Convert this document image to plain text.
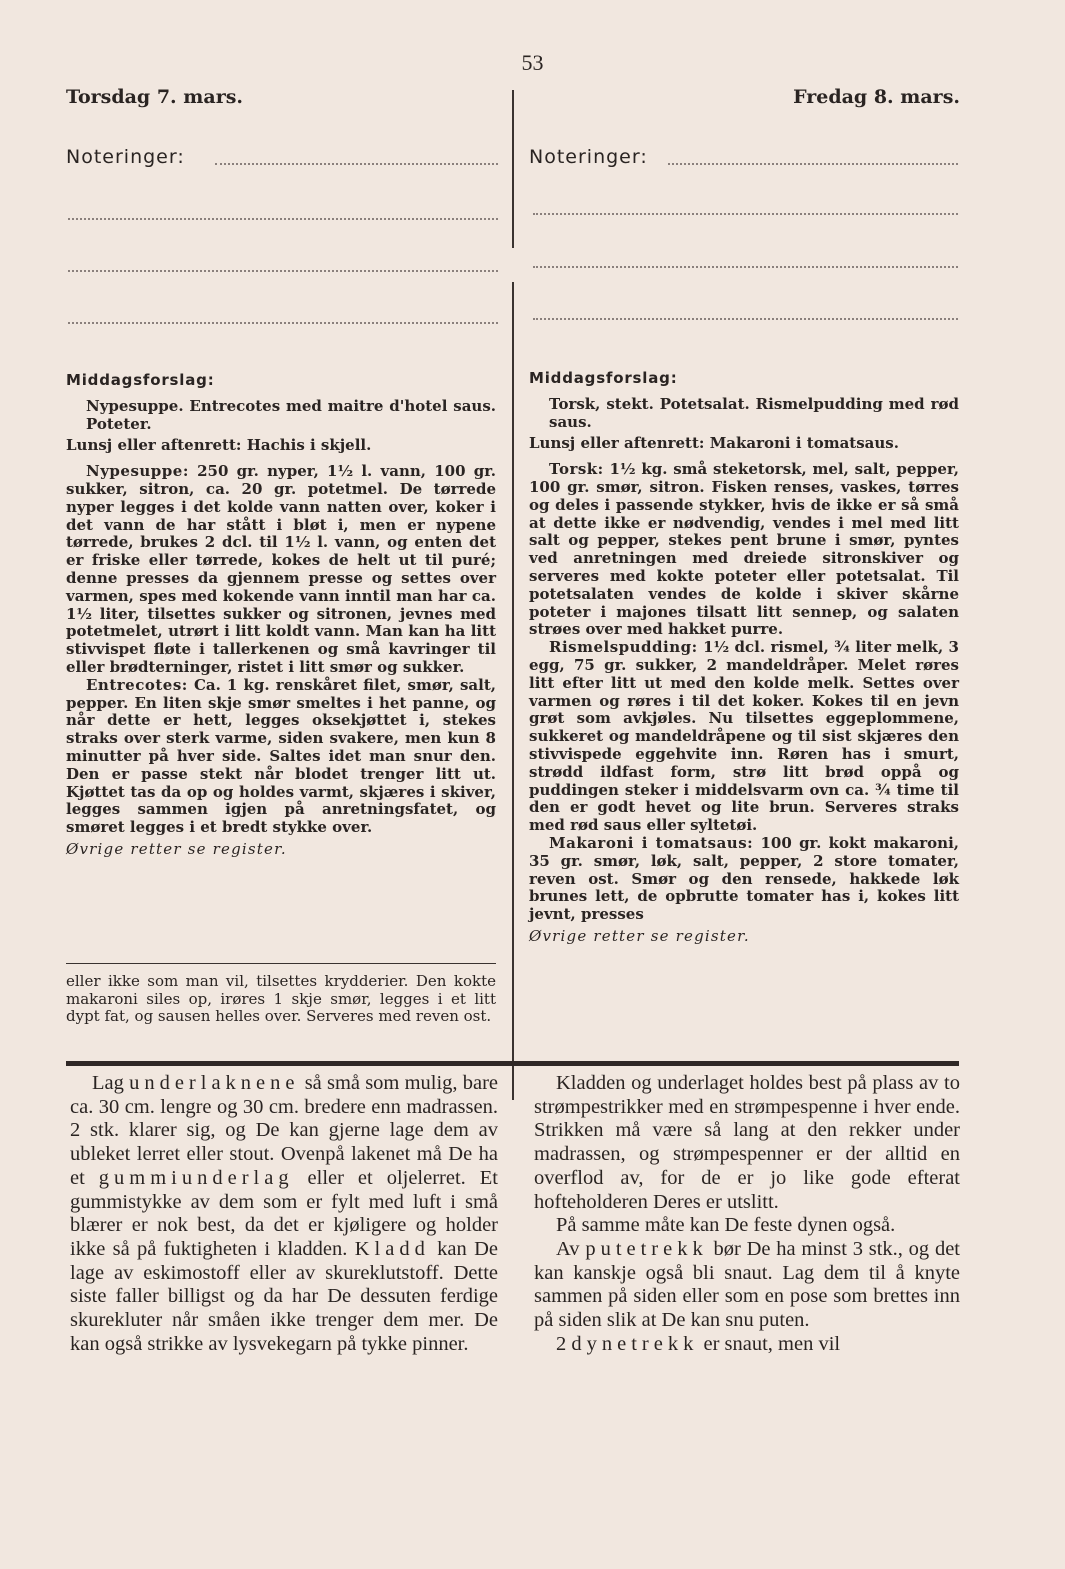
53
Torsdag 7. mars.	Fredag 8. mars.
Noteringer:	Noteringer:

Middagsforslag:

Nypesuppe. Entrecotes med maitre d'hotel saus. Poteter.

Lunsj eller aftenrett: Hachis i skjell.

Nypesuppe: 250 gr. nyper, 1½ l. vann, 100 gr. sukker, sitron, ca. 20 gr. potetmel. De tørrede nyper legges i det kolde vann natten over, koker i det vann de har stått i bløt i, men er nypene tørrede, brukes 2 dcl. til 1½ l. vann, og enten det er friske eller tørrede, kokes de helt ut til puré; denne presses da gjennem presse og settes over varmen, spes med kokende vann inntil man har ca. 1½ liter, tilsettes sukker og sitronen, jevnes med potetmelet, utrørt i litt koldt vann. Man kan ha litt stivvispet fløte i tallerkenen og små kavringer til eller brødterninger, ristet i litt smør og sukker.

Entrecotes: Ca. 1 kg. renskåret filet, smør, salt, pepper. En liten skje smør smeltes i het panne, og når dette er hett, legges oksekjøttet i, stekes straks over sterk varme, siden svakere, men kun 8 minutter på hver side. Saltes idet man snur den. Den er passe stekt når blodet trenger litt ut. Kjøttet tas da op og holdes varmt, skjæres i skiver, legges sammen igjen på anretningsfatet, og smøret legges i et bredt stykke over.

Øvrige retter se register.

eller ikke som man vil, tilsettes krydderier. Den kokte makaroni siles op, irøres 1 skje smør, legges i et litt dypt fat, og sausen helles over. Serveres med reven ost.

Middagsforslag:

Torsk, stekt. Potetsalat. Rismelpudding med rød saus.

Lunsj eller aftenrett: Makaroni i tomatsaus.

Torsk: 1½ kg. små steketorsk, mel, salt, pepper, 100 gr. smør, sitron. Fisken renses, vaskes, tørres og deles i passende stykker, hvis de ikke er så små at dette ikke er nødvendig, vendes i mel med litt salt og pepper, stekes pent brune i smør, pyntes ved anretningen med dreiede sitronskiver og serveres med kokte poteter eller potetsalat. Til potetsalaten vendes de kolde i skiver skårne poteter i majones tilsatt litt sennep, og salaten strøes over med hakket purre.

Rismelspudding: 1½ dcl. rismel, ¾ liter melk, 3 egg, 75 gr. sukker, 2 mandeldråper. Melet røres litt efter litt ut med den kolde melk. Settes over varmen og røres i til det koker. Kokes til en jevn grøt som avkjøles. Nu tilsettes eggeplommene, sukkeret og mandeldråpene og til sist skjæres den stivvispede eggehvite inn. Røren has i smurt, strødd ildfast form, strø litt brød oppå og puddingen steker i middelsvarm ovn ca. ¾ time til den er godt hevet og lite brun. Serveres straks med rød saus eller syltetøi.

Makaroni i tomatsaus: 100 gr. kokt makaroni, 35 gr. smør, løk, salt, pepper, 2 store tomater, reven ost. Smør og den rensede, hakkede løk brunes lett, de opbrutte tomater has i, kokes litt jevnt, presses

Øvrige retter se register.

Lag underlaknene så små som mulig, bare ca. 30 cm. lengre og 30 cm. bredere enn madrassen. 2 stk. klarer sig, og De kan gjerne lage dem av ubleket lerret eller stout. Ovenpå lakenet må De ha et gummiunderlag eller et oljelerret. Et gummistykke av dem som er fylt med luft i små blærer er nok best, da det er kjøligere og holder ikke så på fuktigheten i kladden. Kladd kan De lage av eskimostoff eller av skureklutstoff. Dette siste faller billigst og da har De dessuten ferdige skurekluter når småen ikke trenger dem mer. De kan også strikke av lysvekegarn på tykke pinner.

Kladden og underlaget holdes best på plass av to strømpestrikker med en strømpespenne i hver ende. Strikken må være så lang at den rekker under madrassen, og strømpespenner er der alltid en overflod av, for de er jo like gode efterat hofteholderen Deres er utslitt.

På samme måte kan De feste dynen også.

Av putetrekk bør De ha minst 3 stk., og det kan kanskje også bli snaut. Lag dem til å knyte sammen på siden eller som en pose som brettes inn på siden slik at De kan snu puten.

2 dynetrekk er snaut, men vil
